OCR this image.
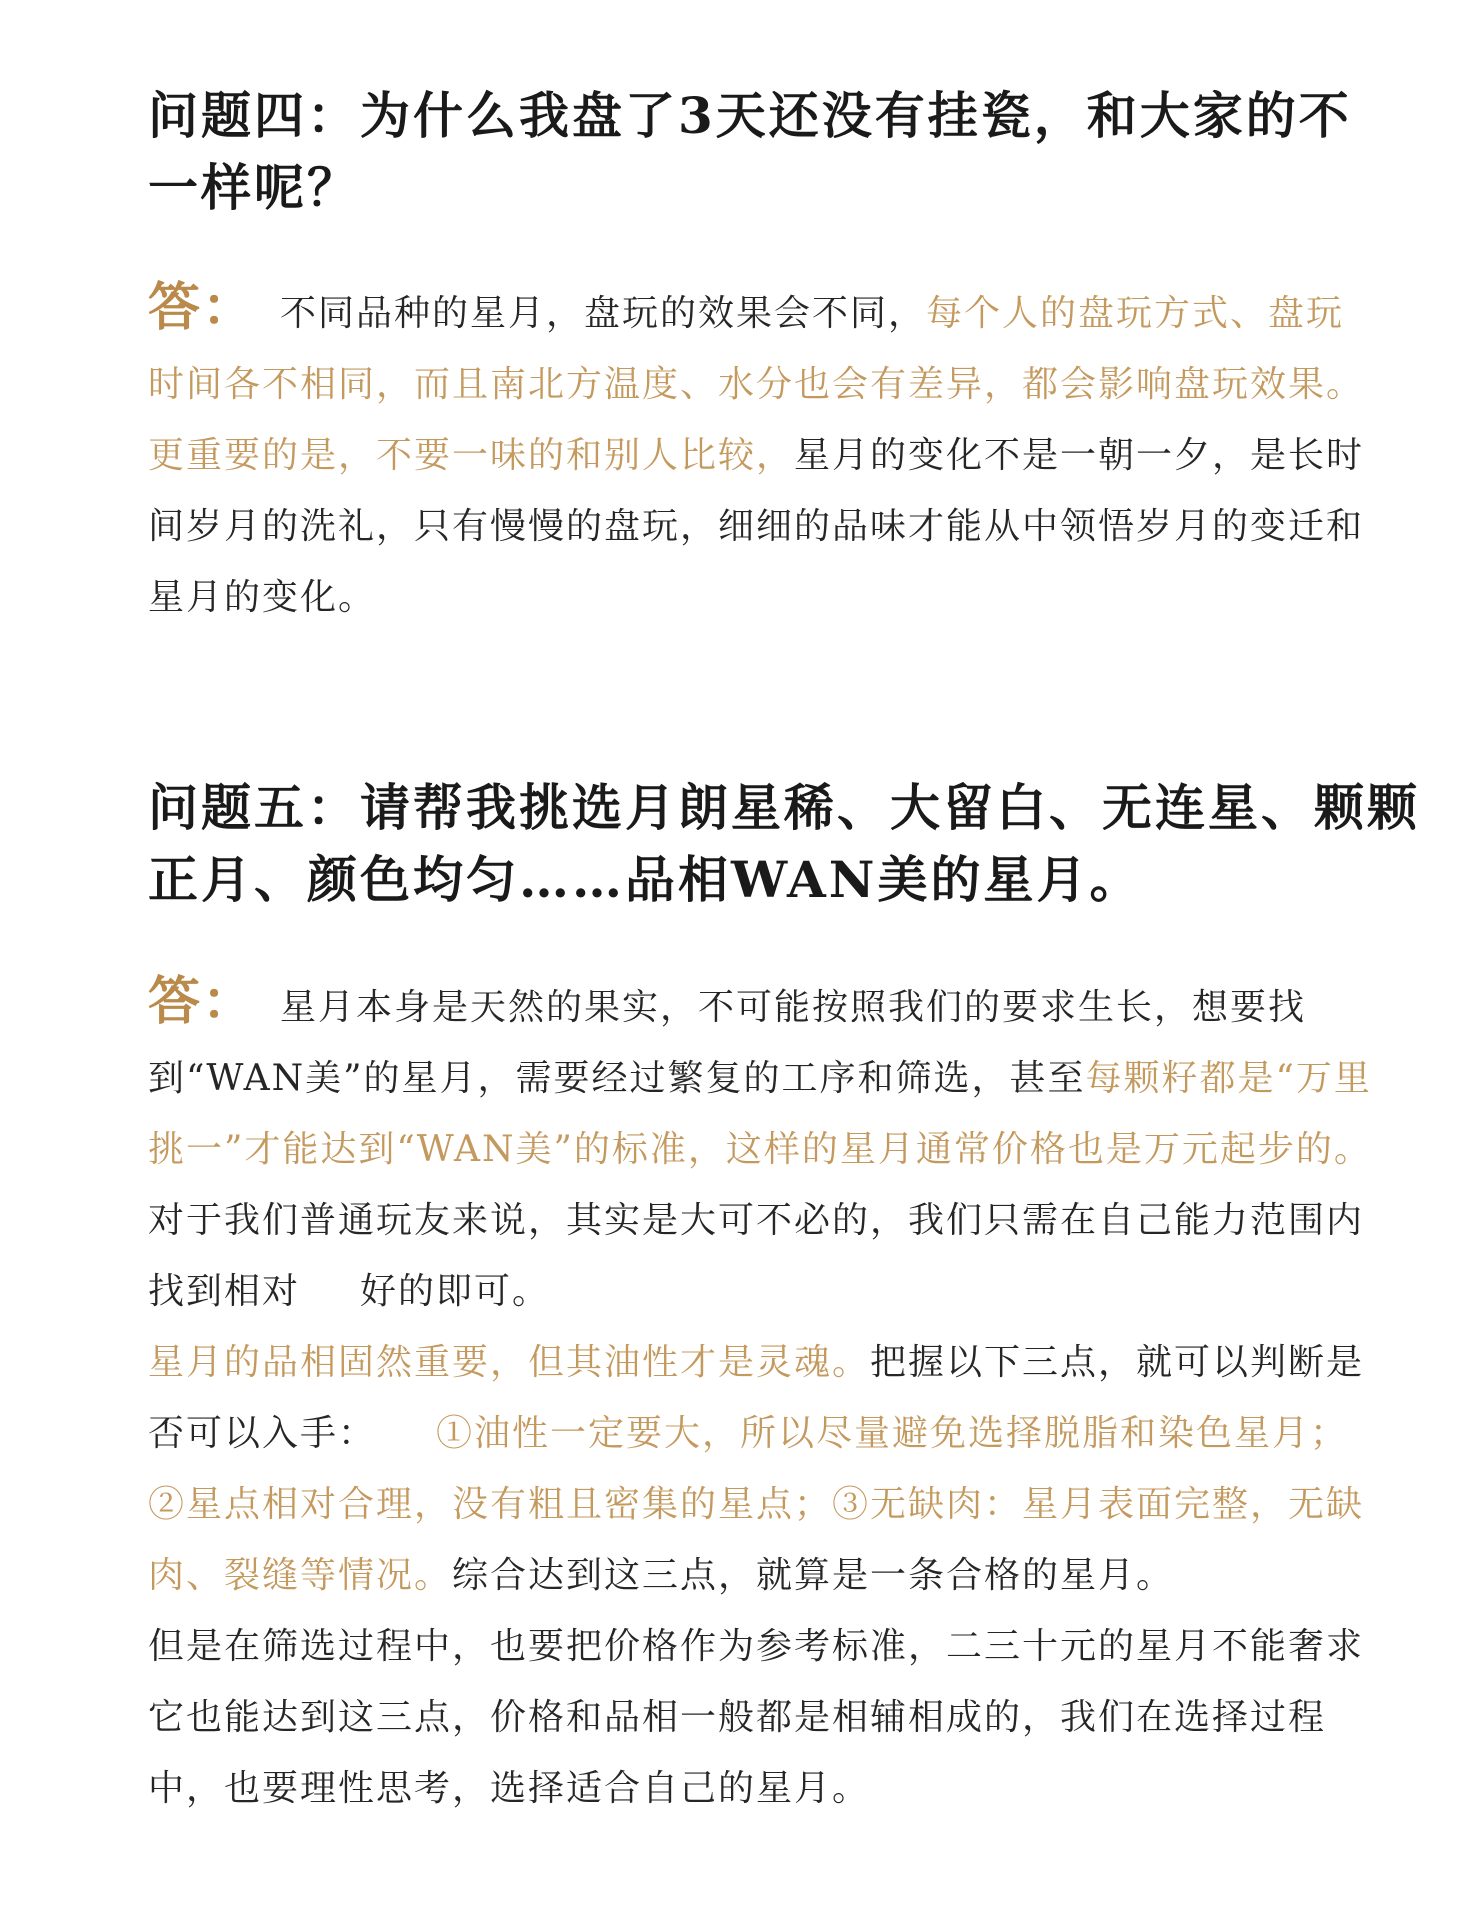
问题四：为什么我盘了3天还没有挂瓷，和大家的不一样呢？

答： 不同品种的星月，盘玩的效果会不同，每个人的盘玩方式、盘玩时间各不相同，而且南北方温度、水分也会有差异，都会影响盘玩效果。更重要的是，不要一味的和别人比较，星月的变化不是一朝一夕，是长时间岁月的洗礼，只有慢慢的盘玩，细细的品味才能从中领悟岁月的变迁和星月的变化。

问题五：请帮我挑选月朗星稀、大留白、无连星、颗颗正月、颜色均匀……品相WAN美的星月。
答： 星月本身是天然的果实，不可能按照我们的要求生长，想要找到“WAN美”的星月，需要经过繁复的工序和筛选，甚至每颗籽都是“万里挑一”才能达到“WAN美”的标准，这样的星月通常价格也是万元起步的。对于我们普通玩友来说，其实是大可不必的，我们只需在自己能力范围内找到相对 好的即可。
星月的品相固然重要，但其油性才是灵魂。把握以下三点，就可以判断是否可以入手： ①油性一定要大，所以尽量避免选择脱脂和染色星月；②星点相对合理，没有粗且密集的星点；③无缺肉：星月表面完整，无缺肉、裂缝等情况。综合达到这三点，就算是一条合格的星月。
但是在筛选过程中，也要把价格作为参考标准，二三十元的星月不能奢求它也能达到这三点，价格和品相一般都是相辅相成的，我们在选择过程中，也要理性思考，选择适合自己的星月。
